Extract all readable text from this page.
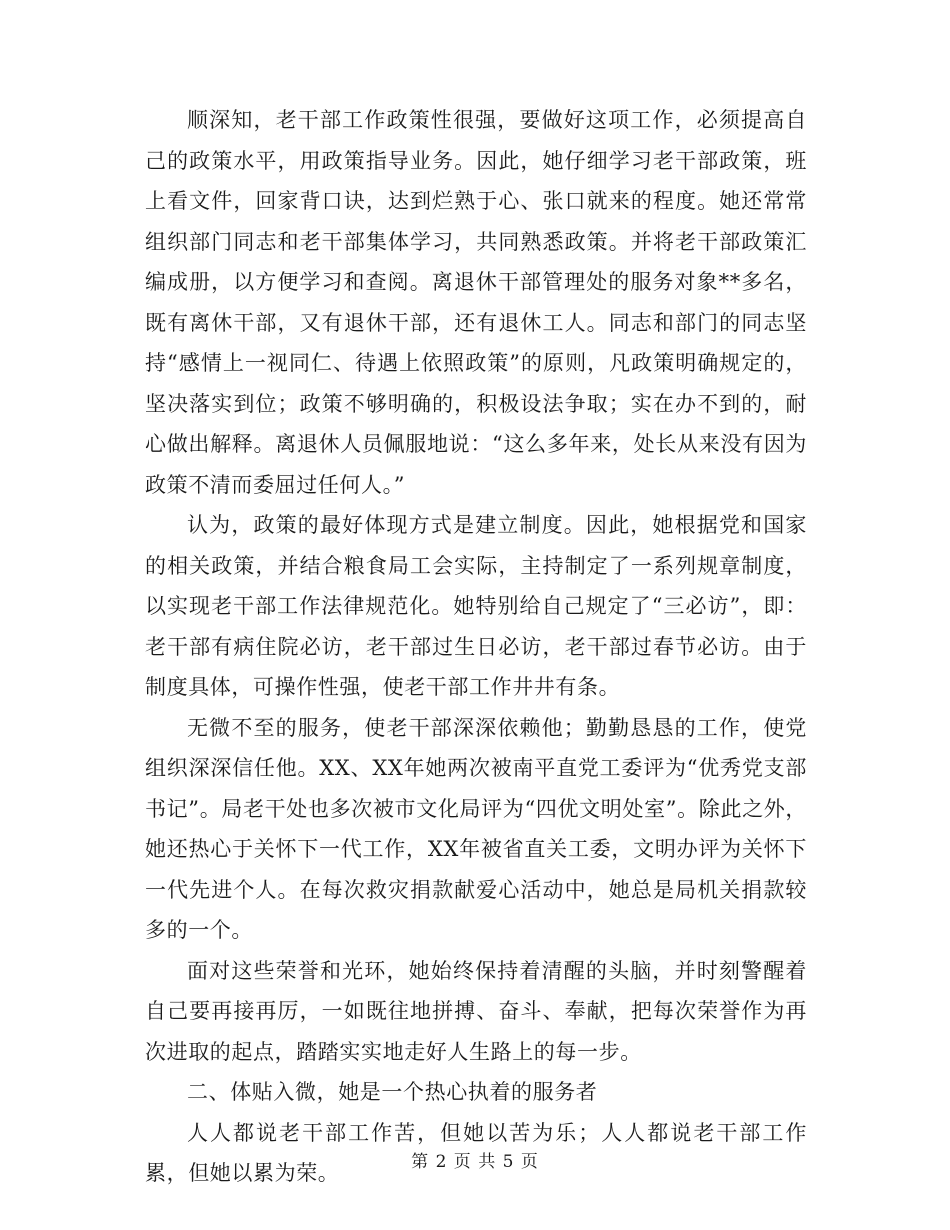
顺深知，老干部工作政策性很强，要做好这项工作，必须提高自己的政策水平，用政策指导业务。因此，她仔细学习老干部政策，班上看文件，回家背口诀，达到烂熟于心、张口就来的程度。她还常常组织部门同志和老干部集体学习，共同熟悉政策。并将老干部政策汇编成册，以方便学习和查阅。离退休干部管理处的服务对象**多名，既有离休干部，又有退休干部，还有退休工人。同志和部门的同志坚持“感情上一视同仁、待遇上依照政策”的原则，凡政策明确规定的，坚决落实到位；政策不够明确的，积极设法争取；实在办不到的，耐心做出解释。离退休人员佩服地说：“这么多年来，处长从来没有因为政策不清而委屈过任何人。”

认为，政策的最好体现方式是建立制度。因此，她根据党和国家的相关政策，并结合粮食局工会实际，主持制定了一系列规章制度，以实现老干部工作法律规范化。她特别给自己规定了“三必访”，即：老干部有病住院必访，老干部过生日必访，老干部过春节必访。由于制度具体，可操作性强，使老干部工作井井有条。

无微不至的服务，使老干部深深依赖他；勤勤恳恳的工作，使党组织深深信任他。XX、XX年她两次被南平直党工委评为“优秀党支部书记”。局老干处也多次被市文化局评为“四优文明处室”。除此之外，她还热心于关怀下一代工作，XX年被省直关工委，文明办评为关怀下一代先进个人。在每次救灾捐款献爱心活动中，她总是局机关捐款较多的一个。

面对这些荣誉和光环，她始终保持着清醒的头脑，并时刻警醒着自己要再接再厉，一如既往地拼搏、奋斗、奉献，把每次荣誉作为再次进取的起点，踏踏实实地走好人生路上的每一步。

二、体贴入微，她是一个热心执着的服务者

人人都说老干部工作苦，但她以苦为乐；人人都说老干部工作累，但她以累为荣。	第 2 页 共 5 页
